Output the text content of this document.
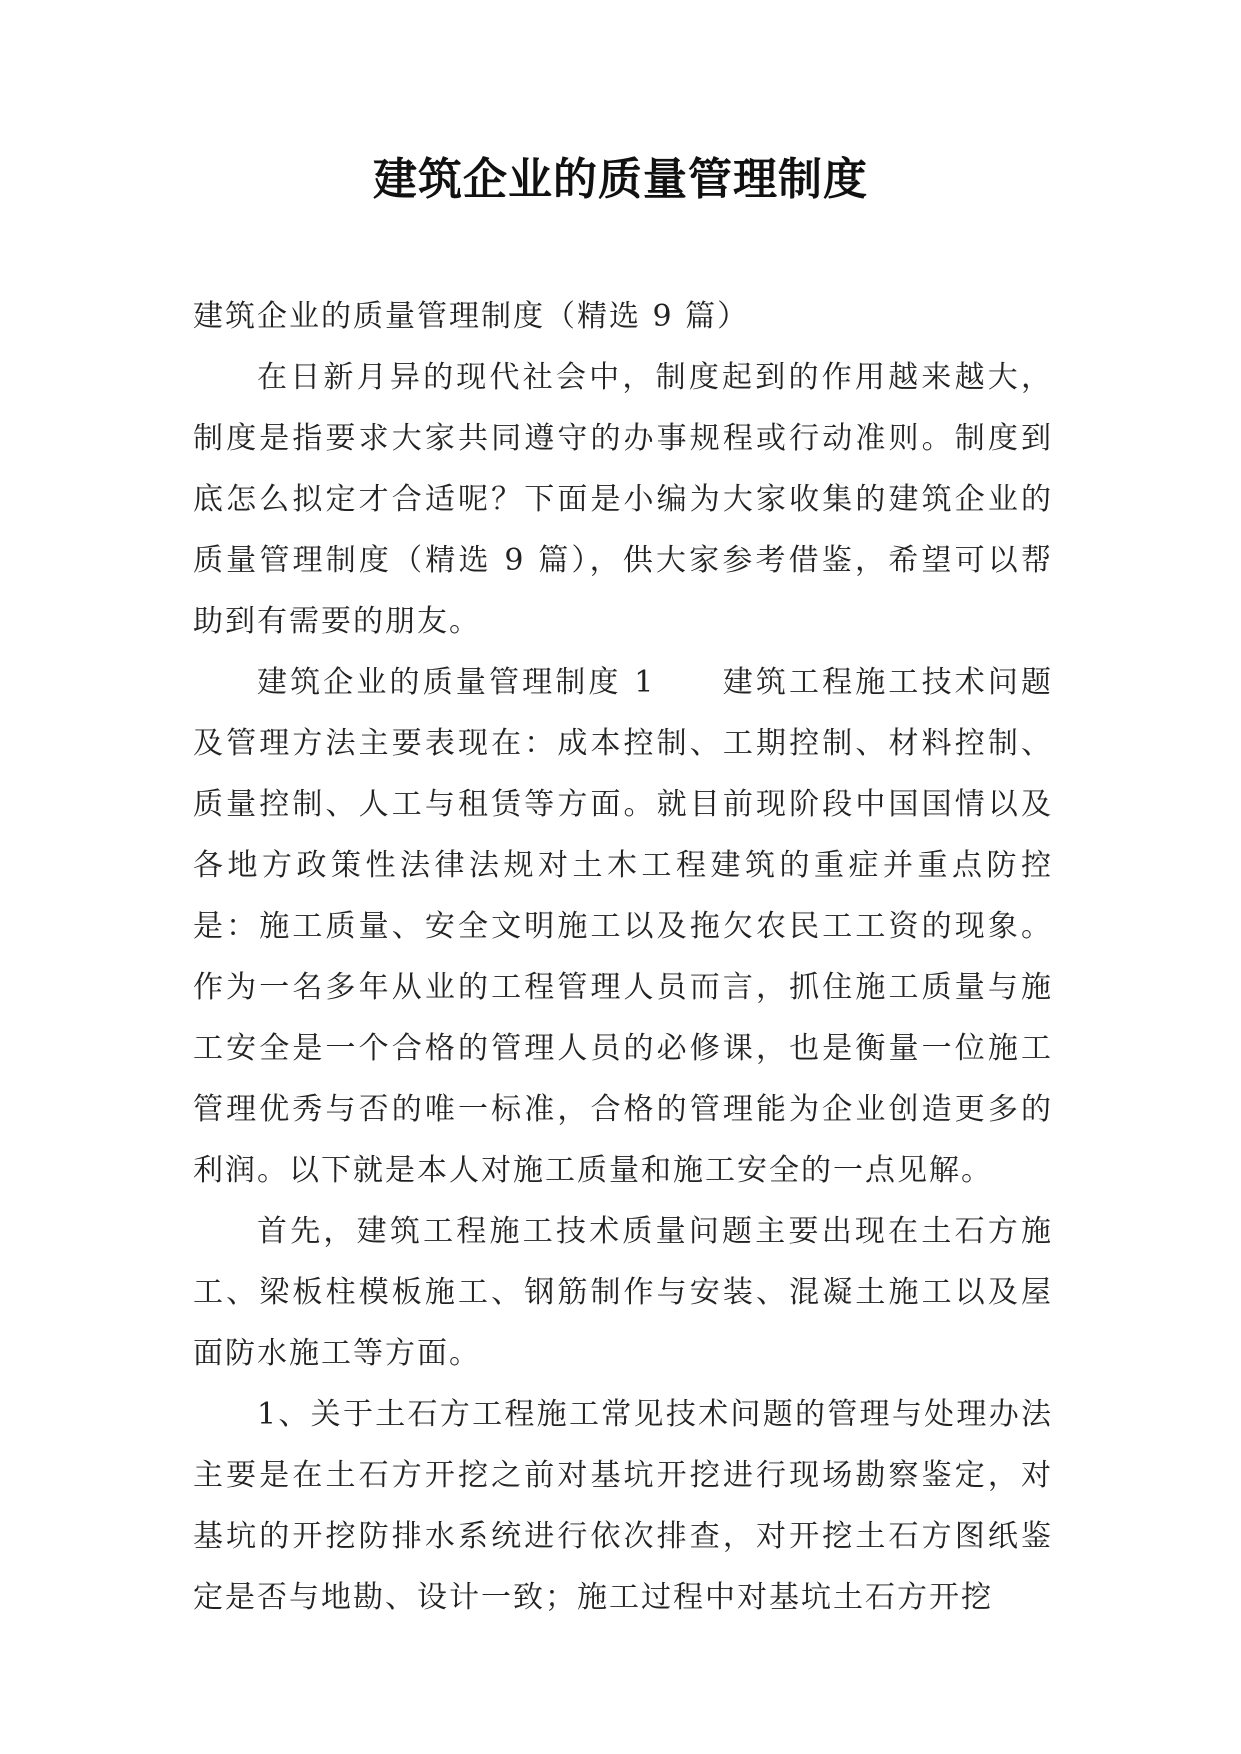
建筑企业的质量管理制度

建筑企业的质量管理制度（精选 9 篇）

在日新月异的现代社会中，制度起到的作用越来越大，制度是指要求大家共同遵守的办事规程或行动准则。制度到底怎么拟定才合适呢？下面是小编为大家收集的建筑企业的质量管理制度（精选 9 篇），供大家参考借鉴，希望可以帮助到有需要的朋友。

建筑企业的质量管理制度 1　　建筑工程施工技术问题及管理方法主要表现在：成本控制、工期控制、材料控制、质量控制、人工与租赁等方面。就目前现阶段中国国情以及各地方政策性法律法规对土木工程建筑的重症并重点防控是：施工质量、安全文明施工以及拖欠农民工工资的现象。作为一名多年从业的工程管理人员而言，抓住施工质量与施工安全是一个合格的管理人员的必修课，也是衡量一位施工管理优秀与否的唯一标准，合格的管理能为企业创造更多的利润。以下就是本人对施工质量和施工安全的一点见解。

首先，建筑工程施工技术质量问题主要出现在土石方施工、梁板柱模板施工、钢筋制作与安装、混凝土施工以及屋面防水施工等方面。

1、关于土石方工程施工常见技术问题的管理与处理办法主要是在土石方开挖之前对基坑开挖进行现场勘察鉴定，对基坑的开挖防排水系统进行依次排查，对开挖土石方图纸鉴定是否与地勘、设计一致；施工过程中对基坑土石方开挖
